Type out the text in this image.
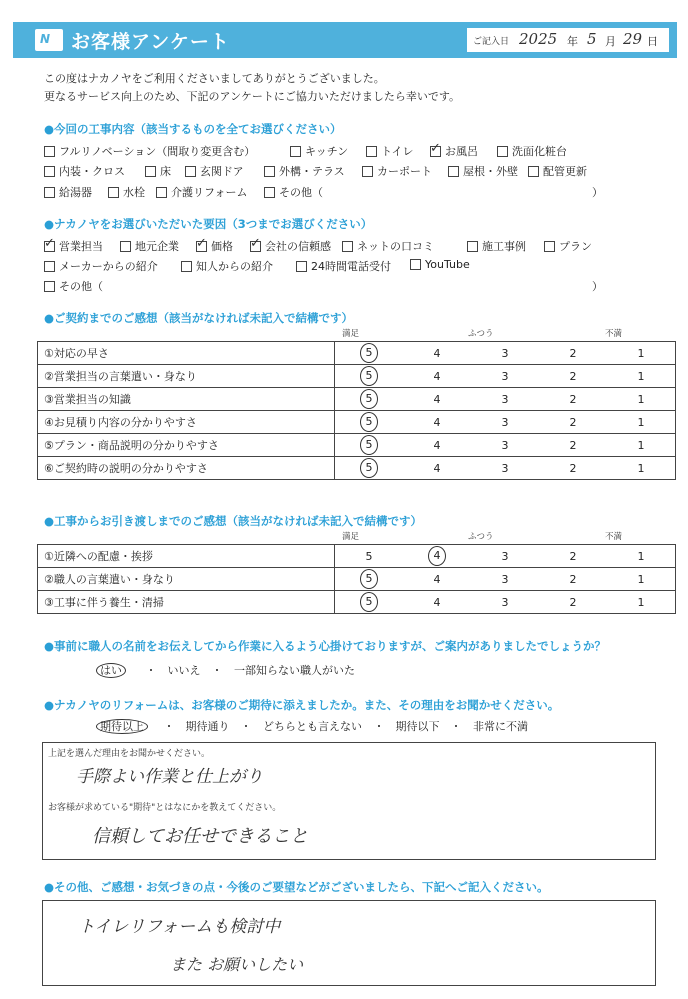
N お客様アンケート	ご記入日 2025 年 5 月 29 日
この度はナカノヤをご利用くださいましてありがとうございました。
更なるサービス向上のため、下記のアンケートにご協力いただけましたら幸いです。
●今回の工事内容（該当するものを全てお選びください）
フルリノベーション（間取り変更含む）	キッチン	トイレ ✓	お風呂	洗面化粧台
内装・クロス	床	玄関ドア	外構・テラス	カーポート	屋根・外壁 配管更新
給湯器	水栓 介護リフォーム	その他（	）
●ナカノヤをお選びいただいた要因（3つまでお選びください）
✓
営業担当	地元企業 ✓	価格 ✓	会社の信頼感 ネットの口コミ	施工事例	プラン
メーカーからの紹介	知人からの紹介	24時間電話受付	YouTube
その他（	）
●ご契約までのご感想（該当がなければ未記入で結構です）
満足	ふつう	不満
①対応の早さ	5	4	3	2	1
②営業担当の言葉遣い・身なり	5	4	3	2	1
③営業担当の知識	5	4	3	2	1
④お見積り内容の分かりやすさ	5	4	3	2	1
⑤プラン・商品説明の分かりやすさ	5	4	3	2	1
⑥ご契約時の説明の分かりやすさ	5	4	3	2	1
●工事からお引き渡しまでのご感想（該当がなければ未記入で結構です）
満足	ふつう	不満
①近隣への配慮・挨拶	5	4	3	2	1
②職人の言葉遣い・身なり	5	4	3	2	1
③工事に伴う養生・清掃	5	4	3	2	1
●事前に職人の名前をお伝えしてから作業に入るよう心掛けておりますが、ご案内がありましたでしょうか？
はい ・　いいえ　・ 一部知らない職人がいた
●ナカノヤのリフォームは、お客様のご期待に添えましたか。また、その理由をお聞かせください。
期待以上 ・　期待通り　・ どちらとも言えない ・　期待以下　・ 非常に不満
上記を選んだ理由をお聞かせください。
手際よい作業と仕上がり
お客様が求めている"期待"とはなにかを教えてください。
信頼してお任せできること
●その他、ご感想・お気づきの点・今後のご要望などがございましたら、下記へご記入ください。
トイレリフォームも検討中
また お願いしたい
